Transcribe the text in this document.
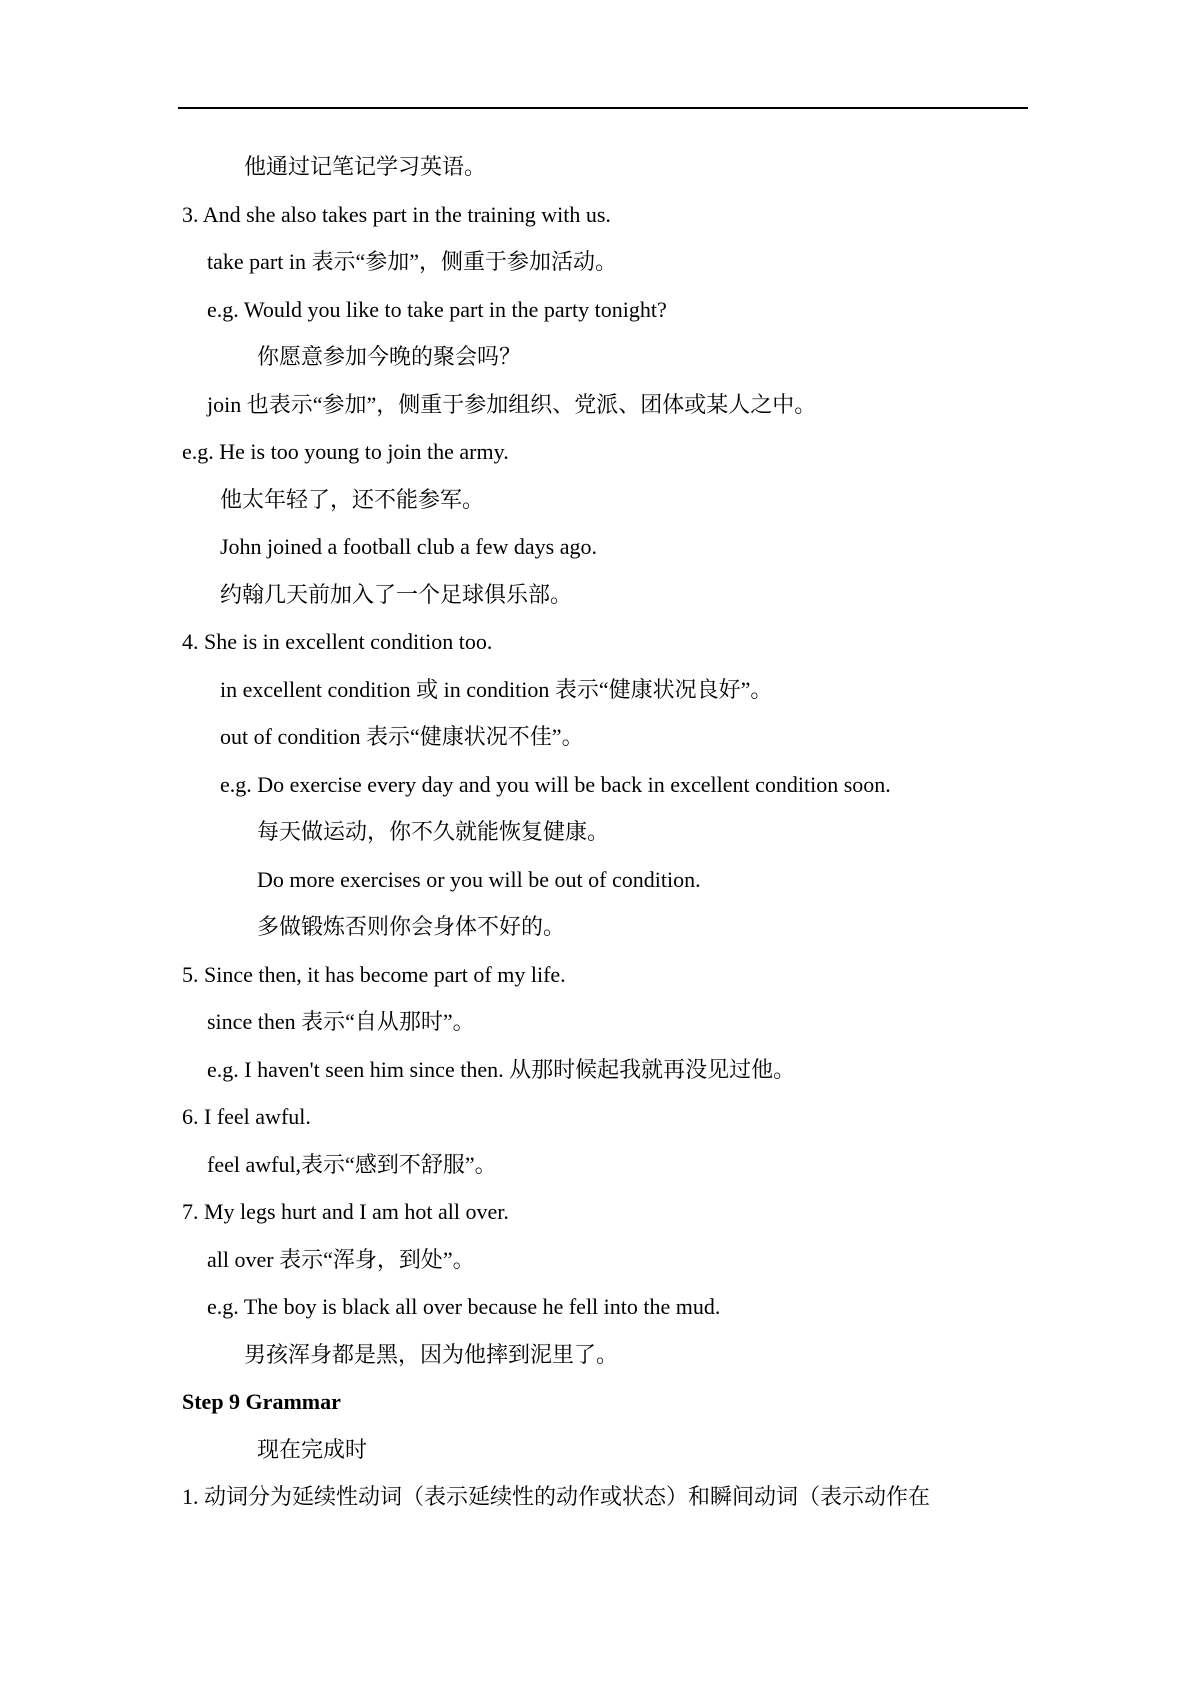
他通过记笔记学习英语。
3. And she also takes part in the training with us.
take part in 表示“参加”，侧重于参加活动。
e.g. Would you like to take part in the party tonight?
你愿意参加今晚的聚会吗？
join 也表示“参加”，侧重于参加组织、党派、团体或某人之中。
e.g. He is too young to join the army.
他太年轻了，还不能参军。
John joined a football club a few days ago.
约翰几天前加入了一个足球俱乐部。
4. She is in excellent condition too.
in excellent condition 或 in condition 表示“健康状况良好”。
out of condition 表示“健康状况不佳”。
e.g. Do exercise every day and you will be back in excellent condition soon.
每天做运动，你不久就能恢复健康。
Do more exercises or you will be out of condition.
多做锻炼否则你会身体不好的。
5. Since then, it has become part of my life.
since then 表示“自从那时”。
e.g. I haven't seen him since then. 从那时候起我就再没见过他。
6. I feel awful.
feel awful,表示“感到不舒服”。
7. My legs hurt and I am hot all over.
all over 表示“浑身，到处”。
e.g. The boy is black all over because he fell into the mud.
男孩浑身都是黑，因为他摔到泥里了。
Step 9 Grammar
现在完成时
1. 动词分为延续性动词（表示延续性的动作或状态）和瞬间动词（表示动作在
